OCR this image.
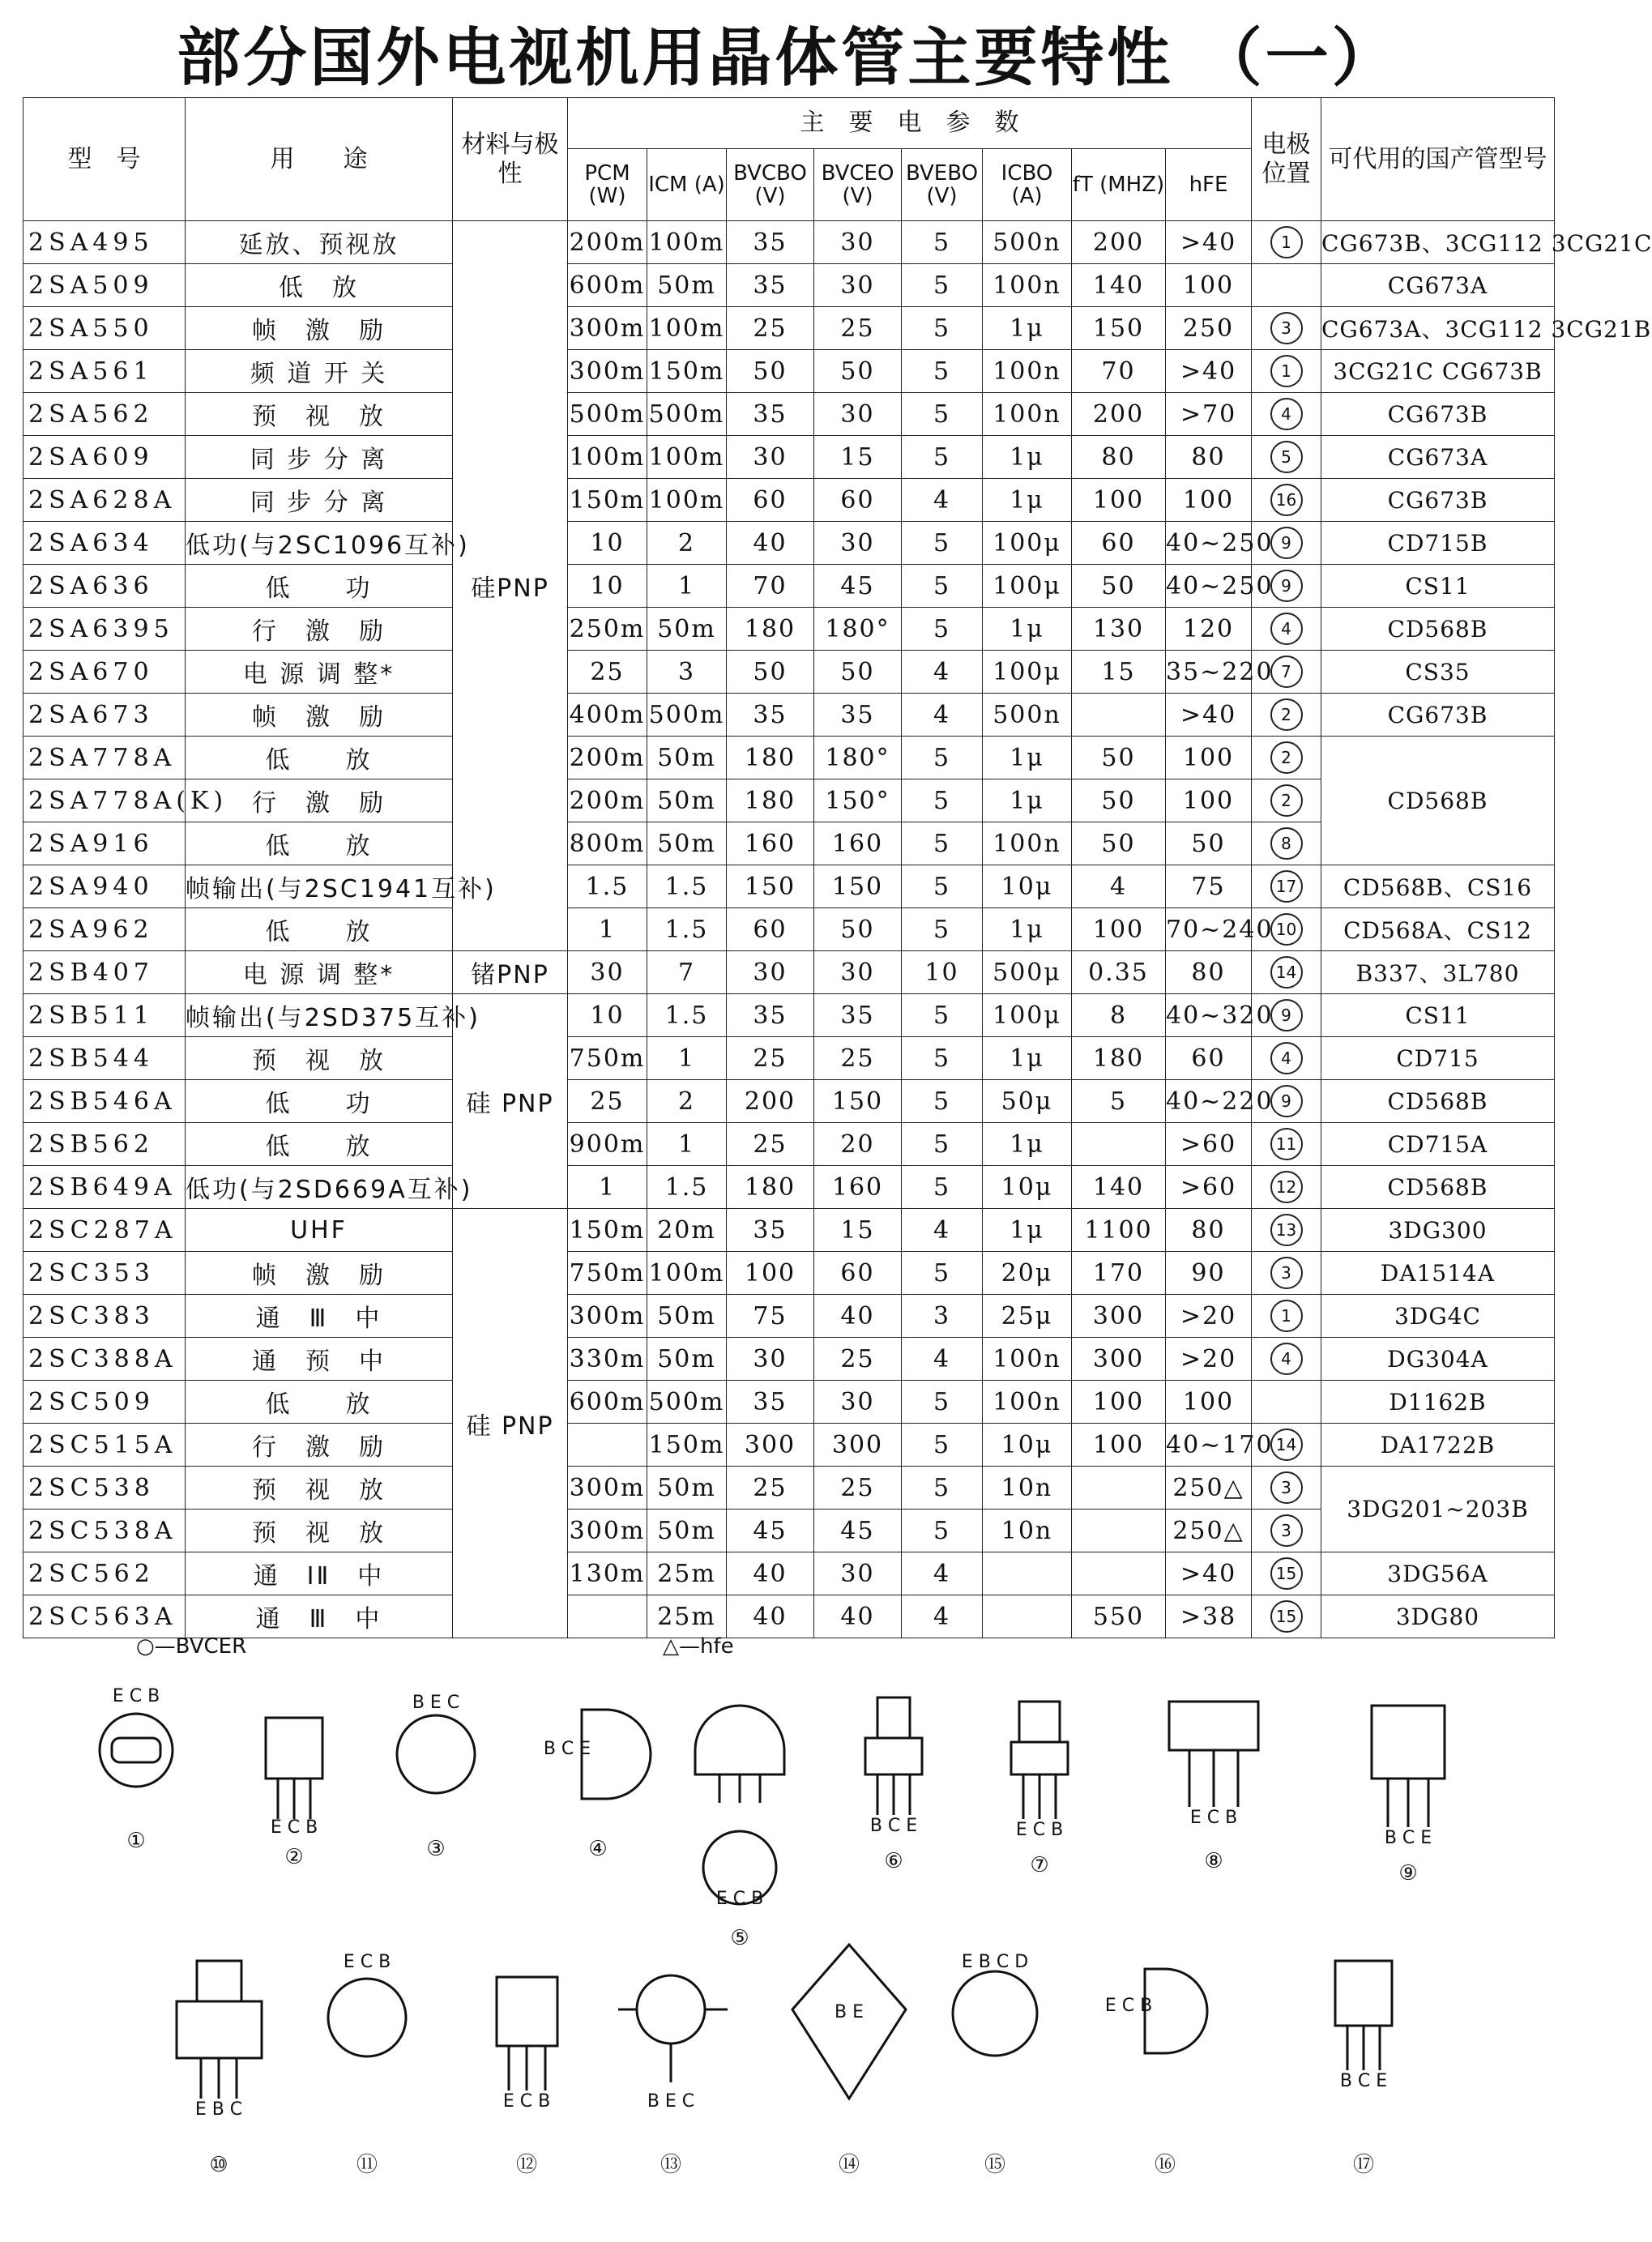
部分国外电视机用晶体管主要特性 （一）
型　号	用　　途	材料与极性	主　要　电　参　数								电极位置	可代用的国产管型号
			PCM (W)	ICM (A)	BVCBO (V)	BVCEO (V)	BVEBO (V)	ICBO (A)	fT (MHZ)	hFE		
2SA495	延放、预视放	硅PNP	200m	100m	35	30	5	500n	200	>40	1	CG673B、3CG112 3CG21C
2SA509	低　放		600m	50m	35	30	5	100n	140	100		CG673A
2SA550	帧　激　励		300m	100m	25	25	5	1μ	150	250	3	CG673A、3CG112 3CG21B
2SA561	频 道 开 关		300m	150m	50	50	5	100n	70	>40	1	3CG21C CG673B
2SA562	预　视　放		500m	500m	35	30	5	100n	200	>70	4	CG673B
2SA609	同 步 分 离		100m	100m	30	15	5	1μ	80	80	5	CG673A
2SA628A	同 步 分 离		150m	100m	60	60	4	1μ	100	100	16	CG673B
2SA634	低功(与2SC1096互补)		10	2	40	30	5	100μ	60	40~250	9	CD715B
2SA636	低　　功		10	1	70	45	5	100μ	50	40~250	9	CS11
2SA6395	行　激　励		250m	50m	180	180°	5	1μ	130	120	4	CD568B
2SA670	电 源 调 整*		25	3	50	50	4	100μ	15	35~220	7	CS35
2SA673	帧　激　励		400m	500m	35	35	4	500n		>40	2	CG673B
2SA778A	低　　放		200m	50m	180	180°	5	1μ	50	100	2	CD568B
2SA778A(K)	行　激　励		200m	50m	180	150°	5	1μ	50	100	2	
2SA916	低　　放		800m	50m	160	160	5	100n	50	50	8	
2SA940	帧输出(与2SC1941互补)		1.5	1.5	150	150	5	10μ	4	75	17	CD568B、CS16
2SA962	低　　放		1	1.5	60	50	5	1μ	100	70~240	10	CD568A、CS12
2SB407	电 源 调 整*	锗PNP	30	7	30	30	10	500μ	0.35	80	14	B337、3L780
2SB511	帧输出(与2SD375互补)	硅 PNP	10	1.5	35	35	5	100μ	8	40~320	9	CS11
2SB544	预　视　放		750m	1	25	25	5	1μ	180	60	4	CD715
2SB546A	低　　功		25	2	200	150	5	50μ	5	40~220	9	CD568B
2SB562	低　　放		900m	1	25	20	5	1μ		>60	11	CD715A
2SB649A	低功(与2SD669A互补)		1	1.5	180	160	5	10μ	140	>60	12	CD568B
2SC287A	UHF	硅 PNP	150m	20m	35	15	4	1μ	1100	80	13	3DG300
2SC353	帧　激　励		750m	100m	100	60	5	20μ	170	90	3	DA1514A
2SC383	通　Ⅲ　中		300m	50m	75	40	3	25μ	300	>20	1	3DG4C
2SC388A	通　预　中		330m	50m	30	25	4	100n	300	>20	4	DG304A
2SC509	低　　放		600m	500m	35	30	5	100n	100	100		D1162B
2SC515A	行　激　励			150m	300	300	5	10μ	100	40~170	14	DA1722B
2SC538	预　视　放		300m	50m	25	25	5	10n		250△	3	3DG201~203B
2SC538A	预　视　放		300m	50m	45	45	5	10n		250△	3	
2SC562	通　ⅠⅡ　中		130m	25m	40	30	4			>40	15	3DG56A
2SC563A	通　Ⅲ　中			25m	40	40	4		550	>38	15	3DG80
○—BVCER	△—hfe
①
E C B
②
E C B
③
B E C
④
B C E
⑤
E C B
⑥
B C E
⑦
E C B
⑧
E C B
⑨
B C E
⑩
E B C
⑪
E C B
⑫
E C B
⑬
B E C
⑭
B E
⑮
E B C D
⑯
E C B
⑰
B C E
